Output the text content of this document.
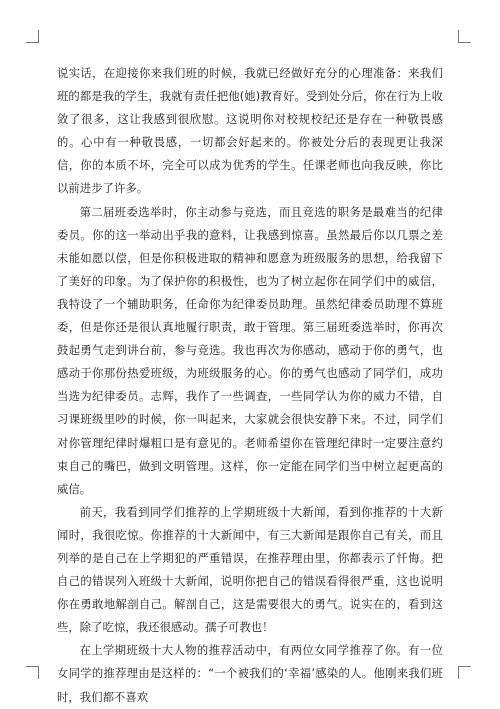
说实话，在迎接你来我们班的时候，我就已经做好充分的心理准备：来我们班的都是我的学生，我就有责任把他(她)教育好。受到处分后，你在行为上收敛了很多，这让我感到很欣慰。这说明你对校规校纪还是存在一种敬畏感的。心中有一种敬畏感，一切都会好起来的。你被处分后的表现更让我深信，你的本质不坏，完全可以成为优秀的学生。任课老师也向我反映，你比以前进步了许多。

第二届班委选举时，你主动参与竞选，而且竞选的职务是最难当的纪律委员。你的这一举动出乎我的意料，让我感到惊喜。虽然最后你以几票之差未能如愿以偿，但是你积极进取的精神和愿意为班级服务的思想，给我留下了美好的印象。为了保护你的积极性，也为了树立起你在同学们中的威信，我特设了一个辅助职务，任命你为纪律委员助理。虽然纪律委员助理不算班委，但是你还是很认真地履行职责，敢于管理。第三届班委选举时，你再次鼓起勇气走到讲台前，参与竞选。我也再次为你感动，感动于你的勇气，也感动于你那份热爱班级，为班级服务的心。你的勇气也感动了同学们，成功当选为纪律委员。志辉，我作了一些调查，一些同学认为你的威力不错，自习课班级里吵的时候，你一叫起来，大家就会很快安静下来。不过，同学们对你管理纪律时爆粗口是有意见的。老师希望你在管理纪律时一定要注意约束自己的嘴巴，做到文明管理。这样，你一定能在同学们当中树立起更高的威信。

前天，我看到同学们推荐的上学期班级十大新闻，看到你推荐的十大新闻时，我很吃惊。你推荐的十大新闻中，有三大新闻是跟你自己有关，而且列举的是自己在上学期犯的严重错误，在推荐理由里，你都表示了忏悔。把自己的错误列入班级十大新闻，说明你把自己的错误看得很严重，这也说明你在勇敢地解剖自己。解剖自己，这是需要很大的勇气。说实在的，看到这些，除了吃惊，我还很感动。孺子可教也！

在上学期班级十大人物的推荐活动中，有两位女同学推荐了你。有一位女同学的推荐理由是这样的：“一个被我们的‘幸福’感染的人。他刚来我们班时，我们都不喜欢
